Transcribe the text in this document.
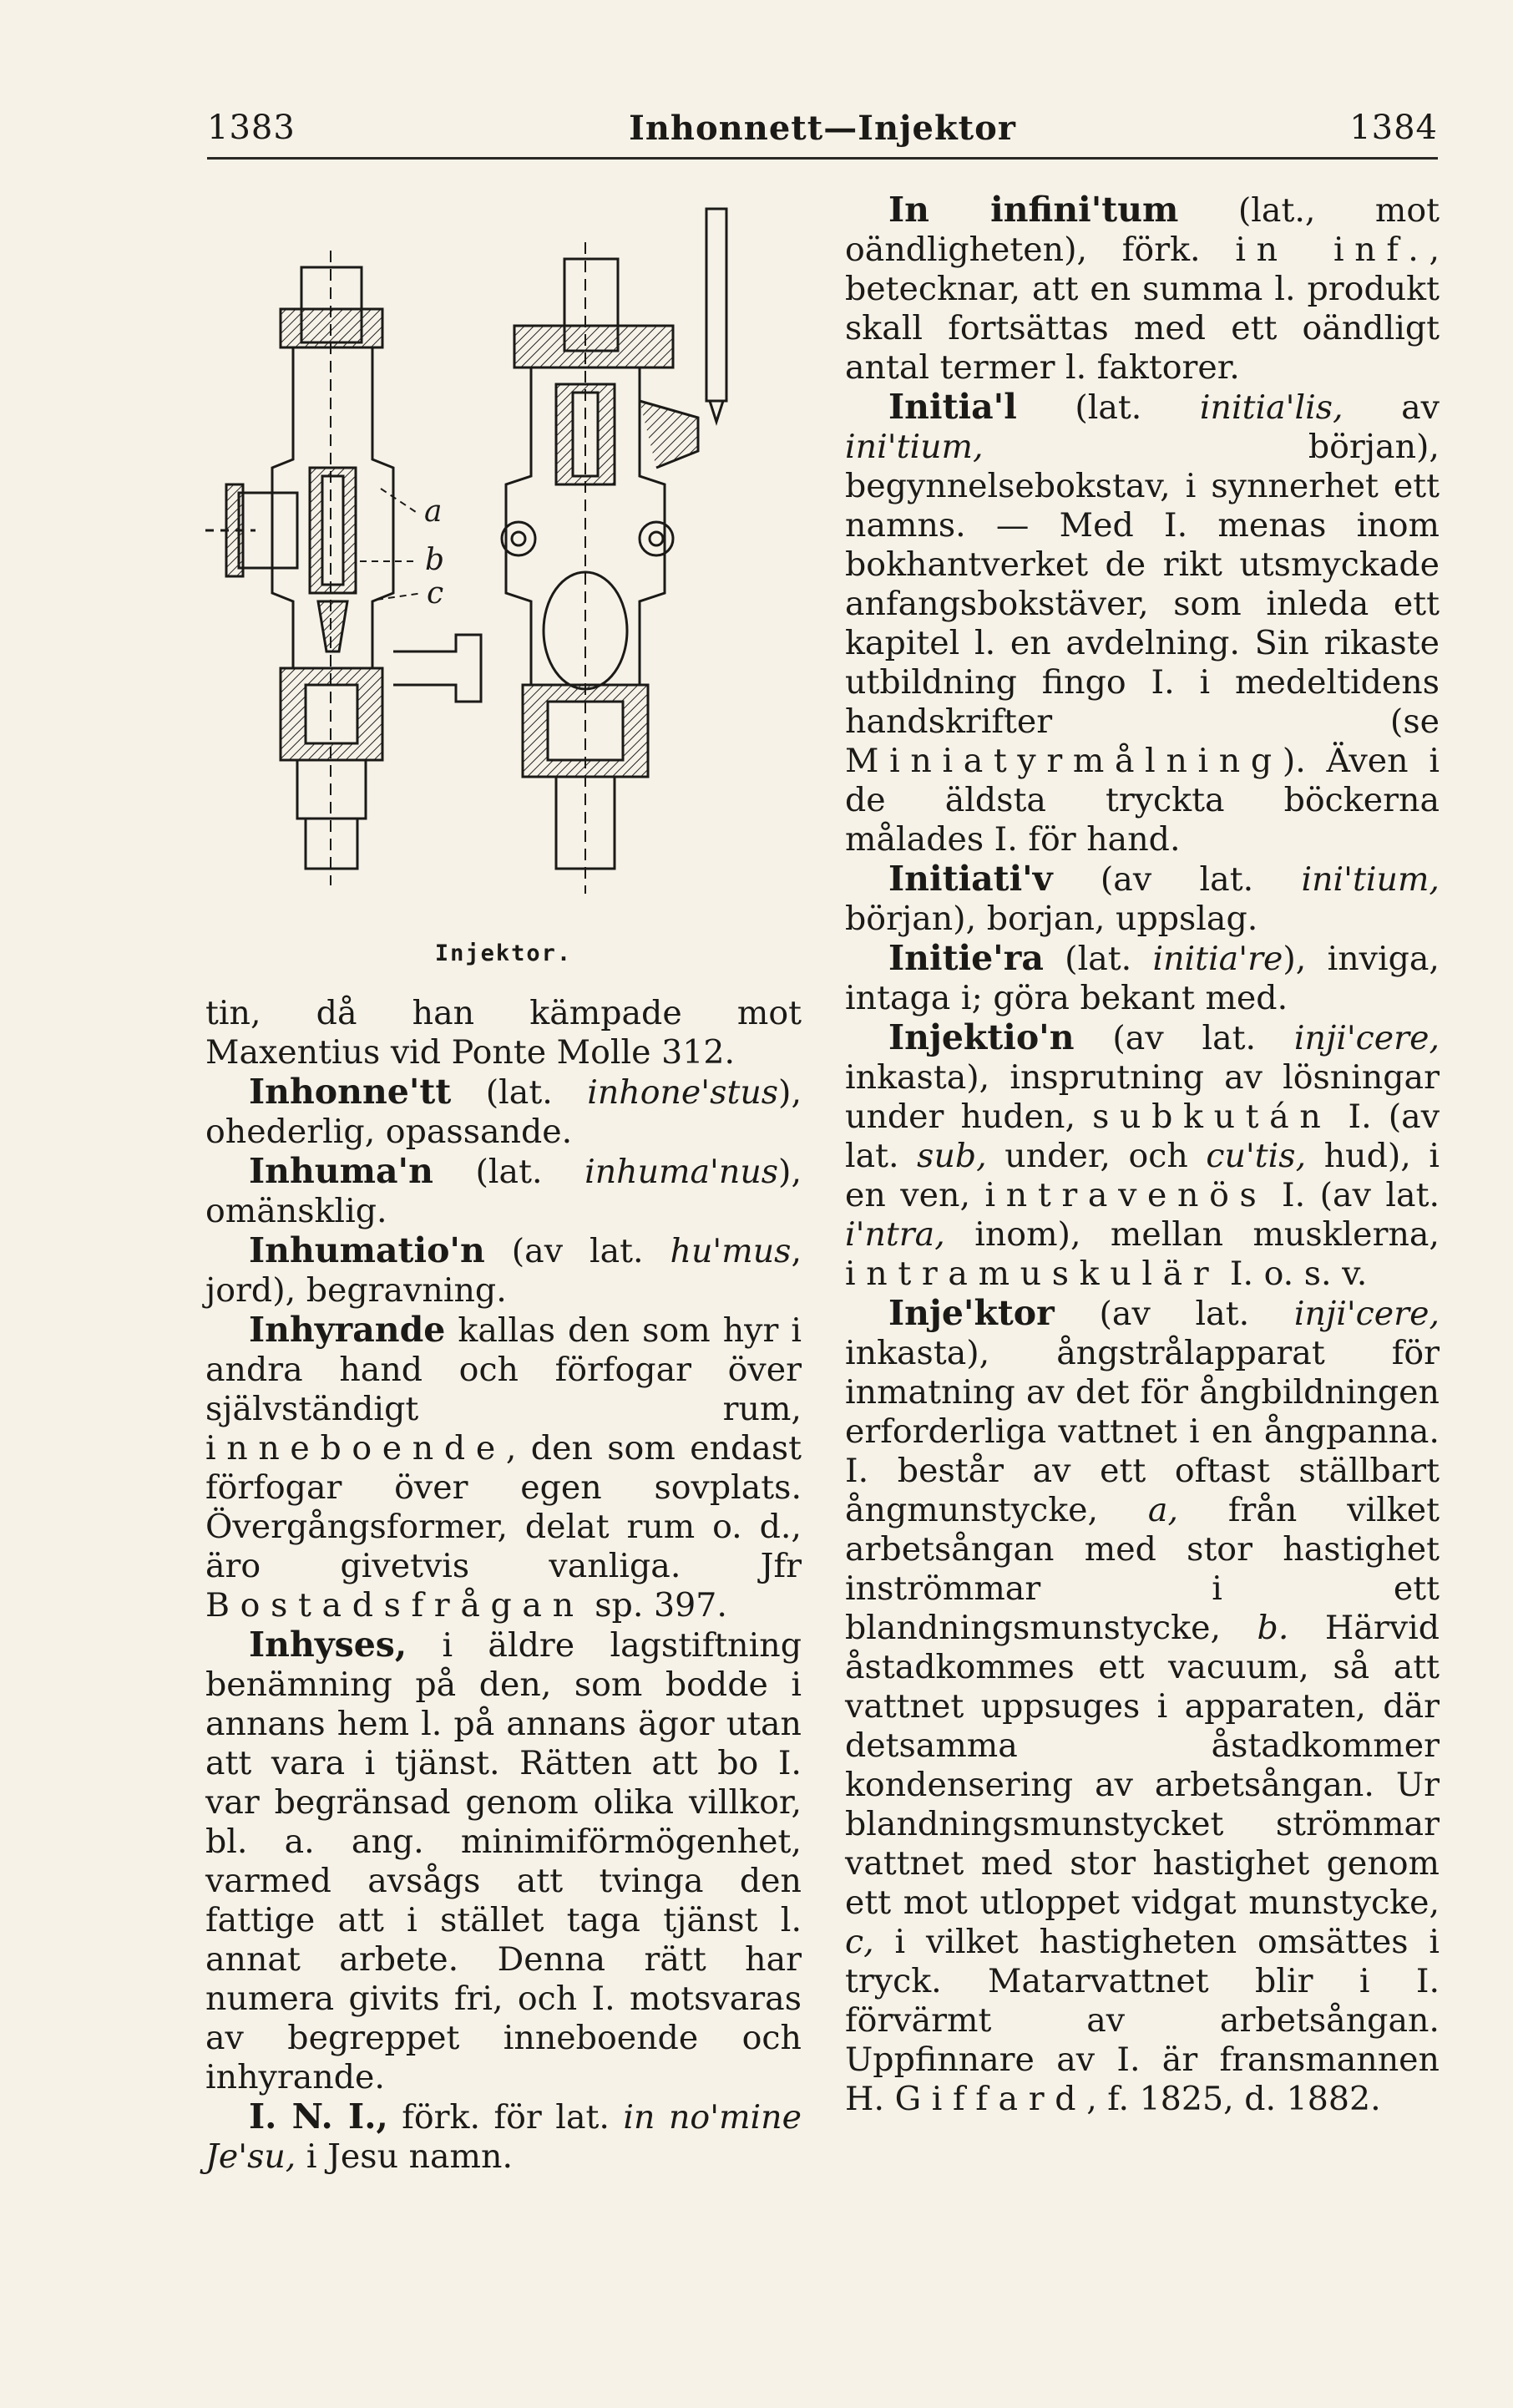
1383	Inhonnett—Injektor	1384
a
b
c
Injektor.

tin, då han kämpade mot Maxentius vid Ponte Molle 312.

Inhonne'tt (lat. inhone'stus), ohederlig, opassande.

Inhuma'n (lat. inhuma'nus), omänsklig.

Inhumatio'n (av lat. hu'mus, jord), begravning.

Inhyrande kallas den som hyr i andra hand och förfogar över självständigt rum, inneboende, den som endast förfogar över egen sovplats. Övergångsformer, delat rum o. d., äro givetvis vanliga. Jfr Bostadsfrågan sp. 397.

Inhyses, i äldre lagstiftning benämning på den, som bodde i annans hem l. på annans ägor utan att vara i tjänst. Rätten att bo I. var begränsad genom olika villkor, bl. a. ang. minimiförmögenhet, varmed avsågs att tvinga den fattige att i stället taga tjänst l. annat arbete. Denna rätt har numera givits fri, och I. motsvaras av begreppet inneboende och inhyrande.

I. N. I., förk. för lat. in no'mine Je'su, i Jesu namn.

In infini'tum (lat., mot oändligheten), förk. in inf., betecknar, att en summa l. produkt skall fortsättas med ett oändligt antal termer l. faktorer.

Initia'l (lat. initia'lis, av ini'tium, början), begynnelsebokstav, i synnerhet ett namns. — Med I. menas inom bokhantverket de rikt utsmyckade anfangsbokstäver, som inleda ett kapitel l. en avdelning. Sin rikaste utbildning fingo I. i medeltidens handskrifter (se Miniatyrmålning). Även i de äldsta tryckta böckerna målades I. för hand.

Initiati'v (av lat. ini'tium, början), borjan, uppslag.

Initie'ra (lat. initia're), inviga, intaga i; göra bekant med.

Injektio'n (av lat. inji'cere, inkasta), insprutning av lösningar under huden, subkután I. (av lat. sub, under, och cu'tis, hud), i en ven, intravenös I. (av lat. i'ntra, inom), mellan musklerna, intramuskulär I. o. s. v.

Inje'ktor (av lat. inji'cere, inkasta), ångstrålapparat för inmatning av det för ångbildningen erforderliga vattnet i en ångpanna. I. består av ett oftast ställbart ångmunstycke, a, från vilket arbetsångan med stor hastighet inströmmar i ett blandningsmunstycke, b. Härvid åstadkommes ett vacuum, så att vattnet uppsuges i apparaten, där detsamma åstadkommer kondensering av arbetsångan. Ur blandningsmunstycket strömmar vattnet med stor hastighet genom ett mot utloppet vidgat munstycke, c, i vilket hastigheten omsättes i tryck. Matarvattnet blir i I. förvärmt av arbetsångan. Uppfinnare av I. är fransmannen H. Giffard, f. 1825, d. 1882.
